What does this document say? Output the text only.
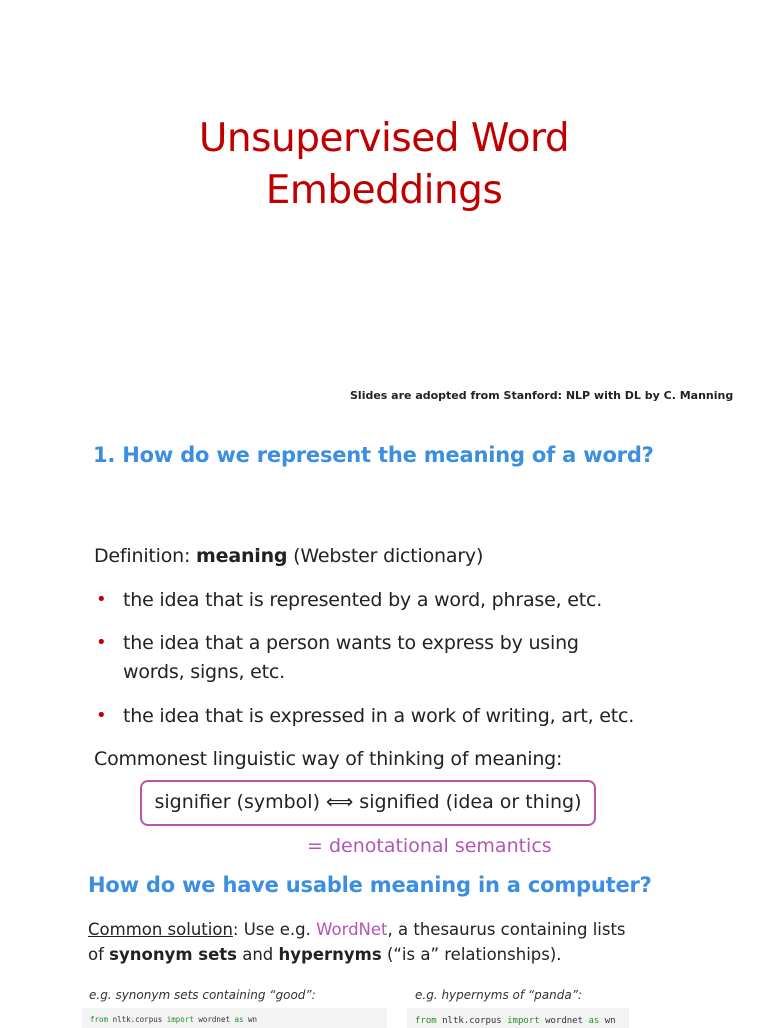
Unsupervised Word
Embeddings
Slides are adopted from Stanford: NLP with DL by C. Manning
1. How do we represent the meaning of a word?
Definition: meaning (Webster dictionary)
• the idea that is represented by a word, phrase, etc.
• the idea that a person wants to express by using
words, signs, etc.
• the idea that is expressed in a work of writing, art, etc.
Commonest linguistic way of thinking of meaning:
signifier (symbol) ⟺ signified (idea or thing)
= denotational semantics
How do we have usable meaning in a computer?
Common solution: Use e.g. WordNet, a thesaurus containing lists
of synonym sets and hypernyms (“is a” relationships).
e.g. synonym sets containing “good”:	e.g. hypernyms of “panda”:
from nltk.corpus import wordnet as wn	from nltk.corpus import wordnet as wn
